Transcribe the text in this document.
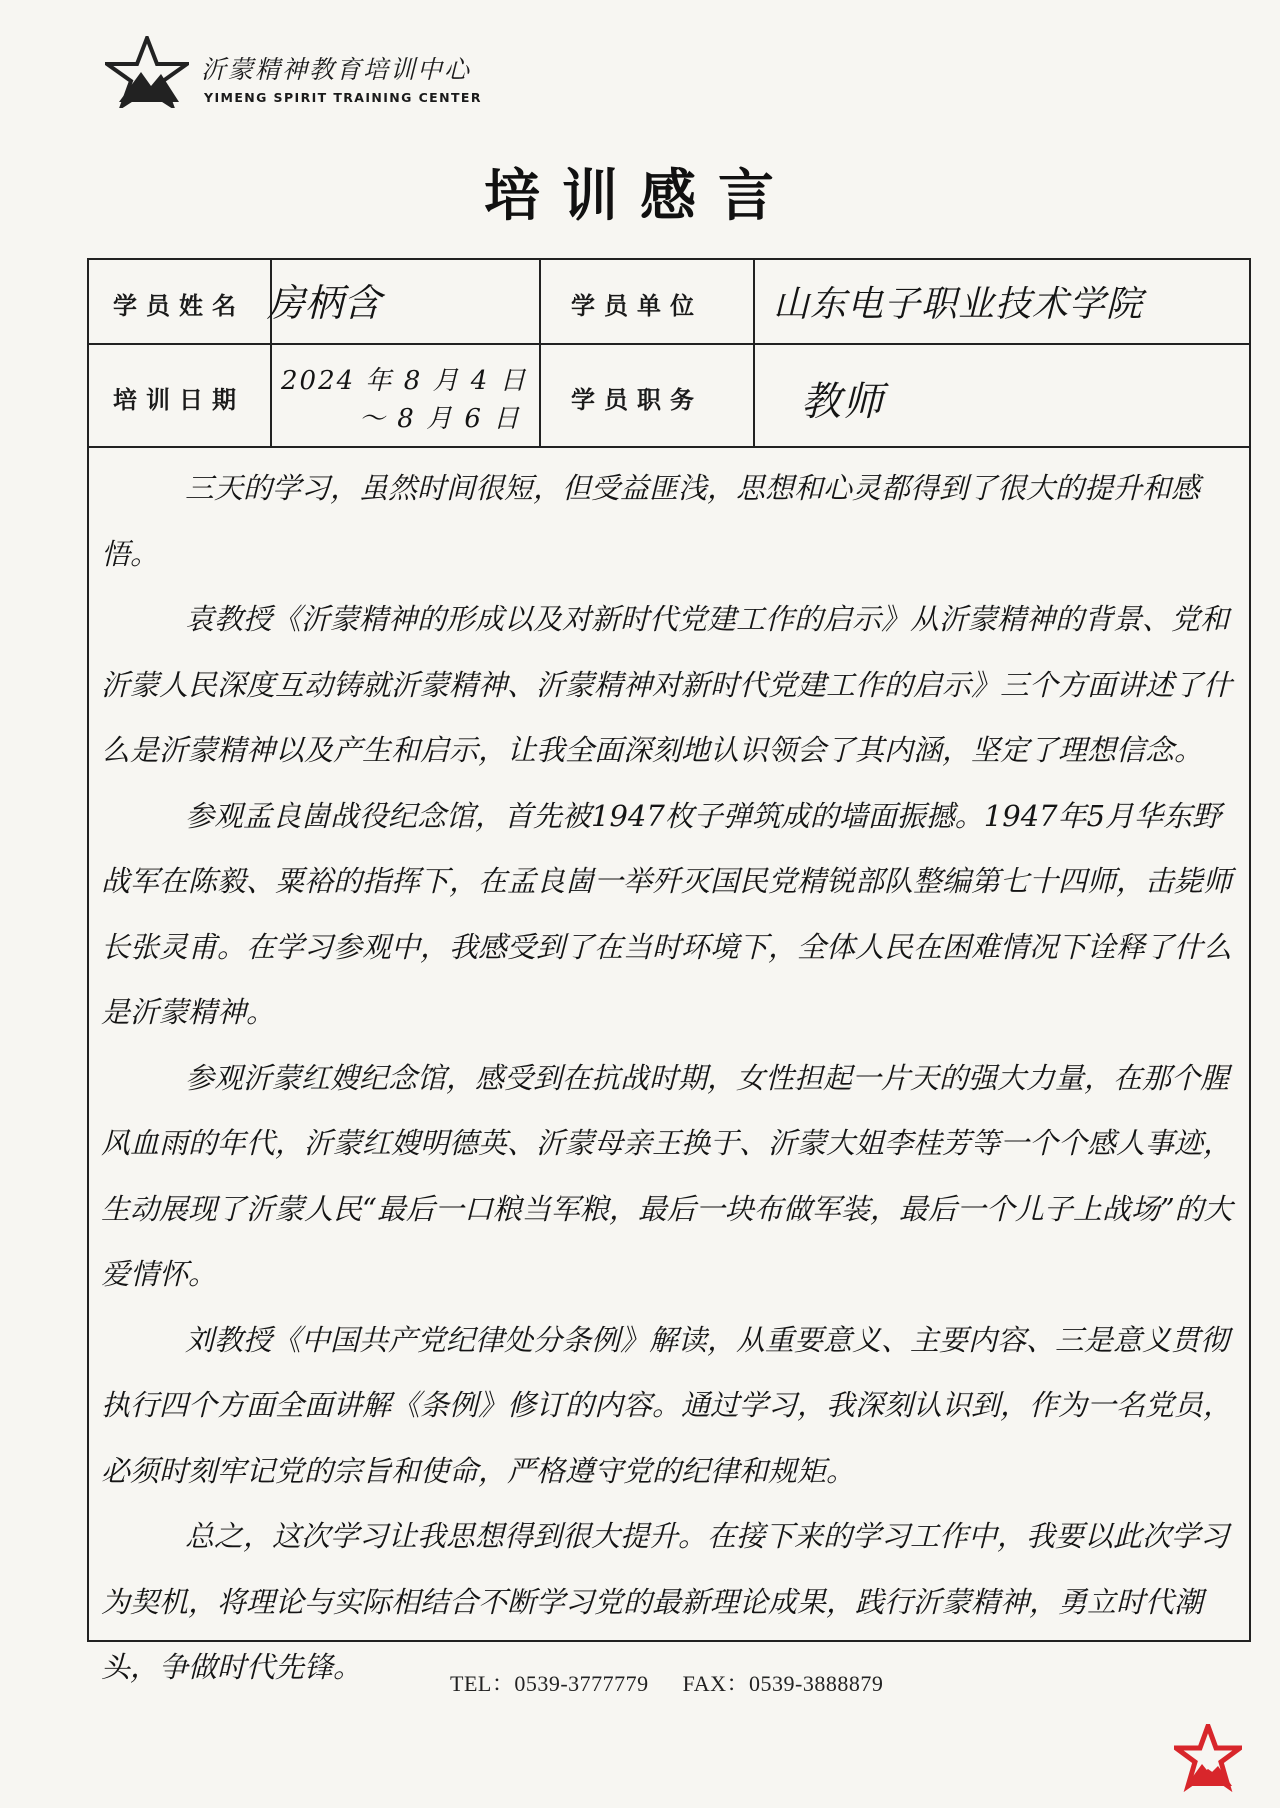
沂蒙精神教育培训中心
YIMENG SPIRIT TRAINING CENTER
培训感言
学员姓名 房柄含	学员单位 山东电子职业技术学院
培训日期
2024 年 8 月 4 日
～ 8 月 6 日
学员职务 教师

三天的学习，虽然时间很短，但受益匪浅，思想和心灵都得到了很大的提升和感悟。

袁教授《沂蒙精神的形成以及对新时代党建工作的启示》从沂蒙精神的背景、党和沂蒙人民深度互动铸就沂蒙精神、沂蒙精神对新时代党建工作的启示》三个方面讲述了什么是沂蒙精神以及产生和启示，让我全面深刻地认识领会了其内涵，坚定了理想信念。

参观孟良崮战役纪念馆，首先被1947枚子弹筑成的墙面振撼。1947年5月华东野战军在陈毅、粟裕的指挥下，在孟良崮一举歼灭国民党精锐部队整编第七十四师，击毙师长张灵甫。在学习参观中，我感受到了在当时环境下，全体人民在困难情况下诠释了什么是沂蒙精神。

参观沂蒙红嫂纪念馆，感受到在抗战时期，女性担起一片天的强大力量，在那个腥风血雨的年代，沂蒙红嫂明德英、沂蒙母亲王换于、沂蒙大姐李桂芳等一个个感人事迹，生动展现了沂蒙人民“最后一口粮当军粮，最后一块布做军装，最后一个儿子上战场”的大爱情怀。

刘教授《中国共产党纪律处分条例》解读，从重要意义、主要内容、三是意义贯彻执行四个方面全面讲解《条例》修订的内容。通过学习，我深刻认识到，作为一名党员，必须时刻牢记党的宗旨和使命，严格遵守党的纪律和规矩。

总之，这次学习让我思想得到很大提升。在接下来的学习工作中，我要以此次学习为契机，将理论与实际相结合不断学习党的最新理论成果，践行沂蒙精神，勇立时代潮头，争做时代先锋。	TEL：0539-3777779 FAX：0539-3888879
